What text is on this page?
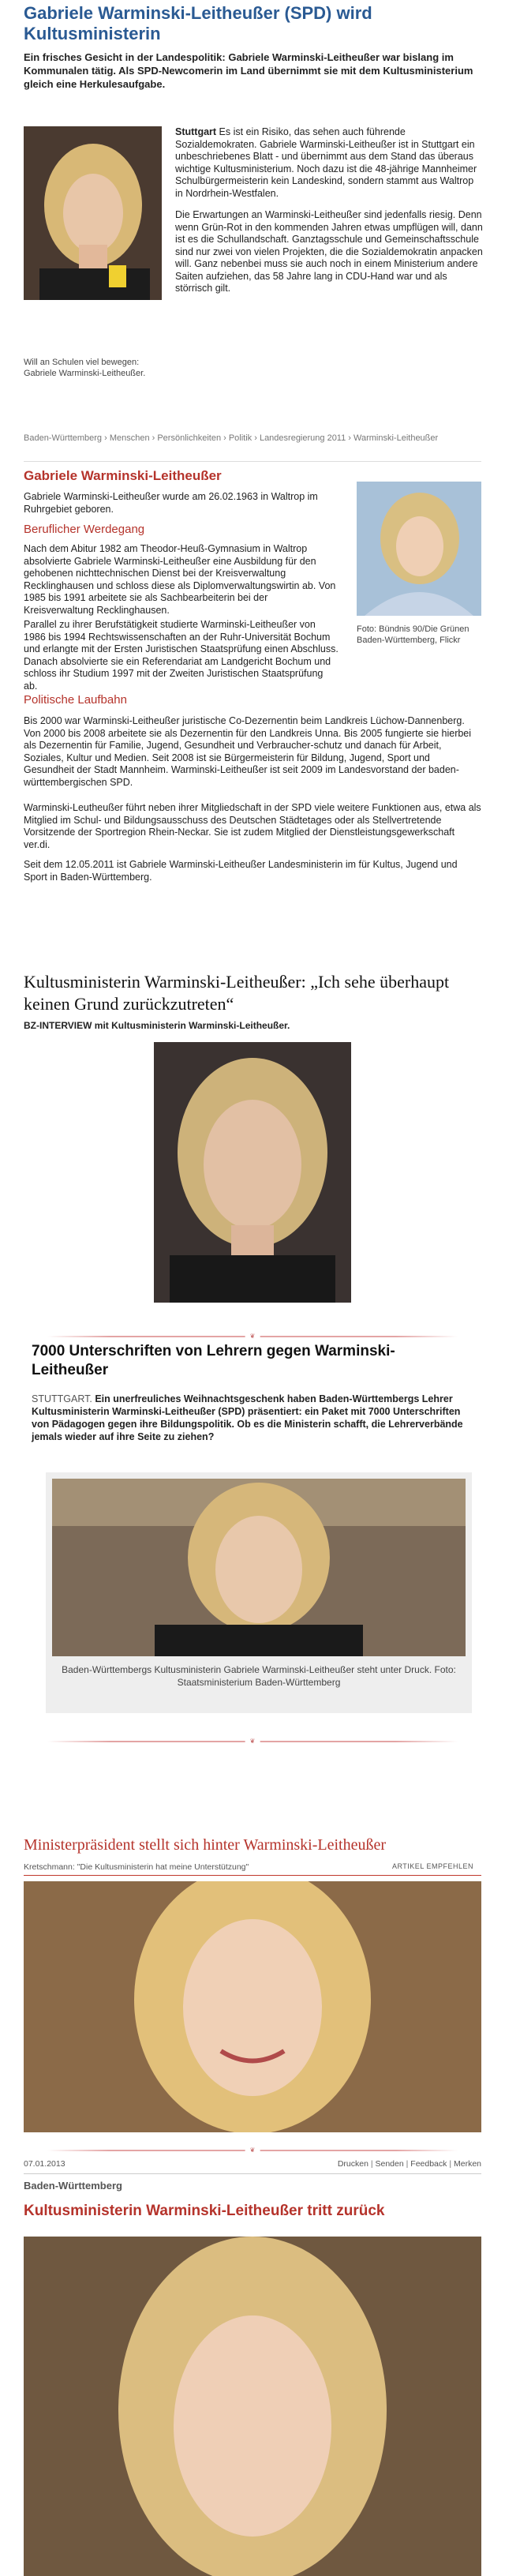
Gabriele Warminski-Leitheußer (SPD) wird Kultusministerin
Ein frisches Gesicht in der Landespolitik: Gabriele Warminski-Leitheußer war bislang im Kommunalen tätig. Als SPD-Newcomerin im Land übernimmt sie mit dem Kultusministerium gleich eine Herkulesaufgabe.
Will an Schulen viel bewegen: Gabriele Warminski-Leitheußer.

Stuttgart Es ist ein Risiko, das sehen auch führende Sozialdemokraten. Gabriele Warminski-Leitheußer ist in Stuttgart ein unbeschriebenes Blatt - und übernimmt aus dem Stand das überaus wichtige Kultusministerium. Noch dazu ist die 48-jährige Mannheimer Schulbürgermeisterin kein Landeskind, sondern stammt aus Waltrop in Nordrhein-Westfalen.

Die Erwartungen an Warminski-Leitheußer sind jedenfalls riesig. Denn wenn Grün-Rot in den kommenden Jahren etwas umpflügen will, dann ist es die Schullandschaft. Ganztagsschule und Gemeinschaftsschule sind nur zwei von vielen Projekten, die die Sozialdemokratin anpacken will. Ganz nebenbei muss sie auch noch in einem Ministerium andere Saiten aufziehen, das 58 Jahre lang in CDU-Hand war und als störrisch gilt.

Baden-Württemberg › Menschen › Persönlichkeiten › Politik › Landesregierung 2011 › Warminski-Leitheußer
Gabriele Warminski-Leitheußer

Gabriele Warminski-Leitheußer wurde am 26.02.1963 in Waltrop im Ruhrgebiet geboren.

Beruflicher Werdegang

Nach dem Abitur 1982 am Theodor-Heuß-Gymnasium in Waltrop absolvierte Gabriele Warminski-Leitheußer eine Ausbildung für den gehobenen nichttechnischen Dienst bei der Kreisverwaltung Recklinghausen und schloss diese als Diplomverwaltungswirtin ab. Von 1985 bis 1991 arbeitete sie als Sachbearbeiterin bei der Kreisverwaltung Recklinghausen.

Parallel zu ihrer Berufstätigkeit studierte Warminski-Leitheußer von 1986 bis 1994 Rechtswissenschaften an der Ruhr-Universität Bochum und erlangte mit der Ersten Juristischen Staatsprüfung einen Abschluss. Danach absolvierte sie ein Referendariat am Landgericht Bochum und schloss ihr Studium 1997 mit der Zweiten Juristischen Staatsprüfung ab.

Foto: Bündnis 90/Die Grünen Baden-Württemberg, Flickr
Politische Laufbahn

Bis 2000 war Warminski-Leitheußer juristische Co-Dezernentin beim Landkreis Lüchow-Dannenberg. Von 2000 bis 2008 arbeitete sie als Dezernentin für den Landkreis Unna. Bis 2005 fungierte sie hierbei als Dezernentin für Familie, Jugend, Gesundheit und Verbraucher-schutz und danach für Arbeit, Soziales, Kultur und Medien. Seit 2008 ist sie Bürgermeisterin für Bildung, Jugend, Sport und Gesundheit der Stadt Mannheim. Warminski-Leitheußer ist seit 2009 im Landesvorstand der baden-württembergischen SPD.

Warminski-Leutheußer führt neben ihrer Mitgliedschaft in der SPD viele weitere Funktionen aus, etwa als Mitglied im Schul- und Bildungsausschuss des Deutschen Städtetages oder als Stellvertretende Vorsitzende der Sportregion Rhein-Neckar. Sie ist zudem Mitglied der Dienstleistungsgewerkschaft ver.di.

Seit dem 12.05.2011 ist Gabriele Warminski-Leitheußer Landesministerin im für Kultus, Jugend und Sport in Baden-Württemberg.

Kultusministerin Warminski-Leitheußer: „Ich sehe überhaupt keinen Grund zurückzutreten“
BZ-INTERVIEW mit Kultusministerin Warminski-Leitheußer.
❦
7000 Unterschriften von Lehrern gegen Warminski-Leitheußer

STUTTGART. Ein unerfreuliches Weihnachtsgeschenk haben Baden-Württembergs Lehrer Kultusministerin Warminski-Leitheußer (SPD) präsentiert: ein Paket mit 7000 Unterschriften von Pädagogen gegen ihre Bildungspolitik. Ob es die Ministerin schafft, die Lehrerverbände jemals wieder auf ihre Seite zu ziehen?

Baden-Württembergs Kultusministerin Gabriele Warminski-Leitheußer steht unter Druck. Foto: Staatsministerium Baden-Württemberg
❦
Ministerpräsident stellt sich hinter Warminski-Leitheußer
Kretschmann: "Die Kultusministerin hat meine Unterstützung"	ARTIKEL EMPFEHLEN
❦
07.01.2013	Drucken | Senden | Feedback | Merken
Baden-Württemberg
Kultusministerin Warminski-Leitheußer tritt zurück
